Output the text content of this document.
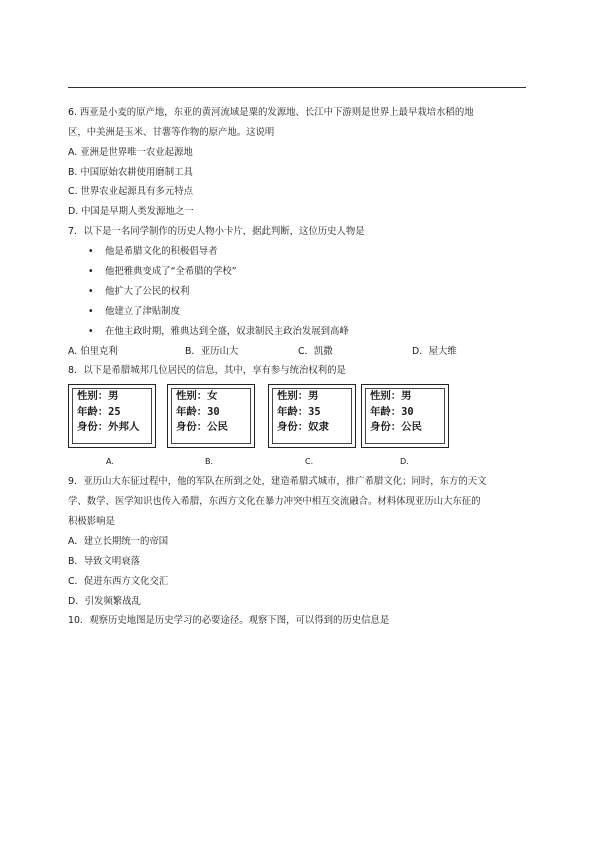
6. 西亚是小麦的原产地，东亚的黄河流域是粟的发源地、长江中下游则是世界上最早栽培水稻的地
区，中美洲是玉米、甘薯等作物的原产地。这说明
A. 亚洲是世界唯一农业起源地
B. 中国原始农耕使用磨制工具
C. 世界农业起源具有多元特点
D. 中国是早期人类发源地之一
7．以下是一名同学制作的历史人物小卡片，据此判断，这位历史人物是
• 他是希腊文化的积极倡导者
• 他把雅典变成了“全希腊的学校”
• 他扩大了公民的权利
• 他建立了津贴制度
• 在他主政时期，雅典达到全盛，奴隶制民主政治发展到高峰
A. 伯里克利	B．亚历山大	C．凯撒	D．屋大维
8．以下是希腊城邦几位居民的信息，其中，享有参与统治权利的是
性别：男
年龄：25
身份：外邦人
性别：女
年龄：30
身份：公民
性别：男
年龄：35
身份：奴隶
性别：男
年龄：30
身份：公民
A.	B.	C.	D.
9．亚历山大东征过程中，他的军队在所到之处，建造希腊式城市，推广希腊文化；同时，东方的天文
学、数学、医学知识也传入希腊，东西方文化在暴力冲突中相互交流融合。材料体现亚历山大东征的
积极影响是
A．建立长期统一的帝国
B．导致文明衰落
C．促进东西方文化交汇
D．引发频繁战乱
10．观察历史地图是历史学习的必要途径。观察下图，可以得到的历史信息是
